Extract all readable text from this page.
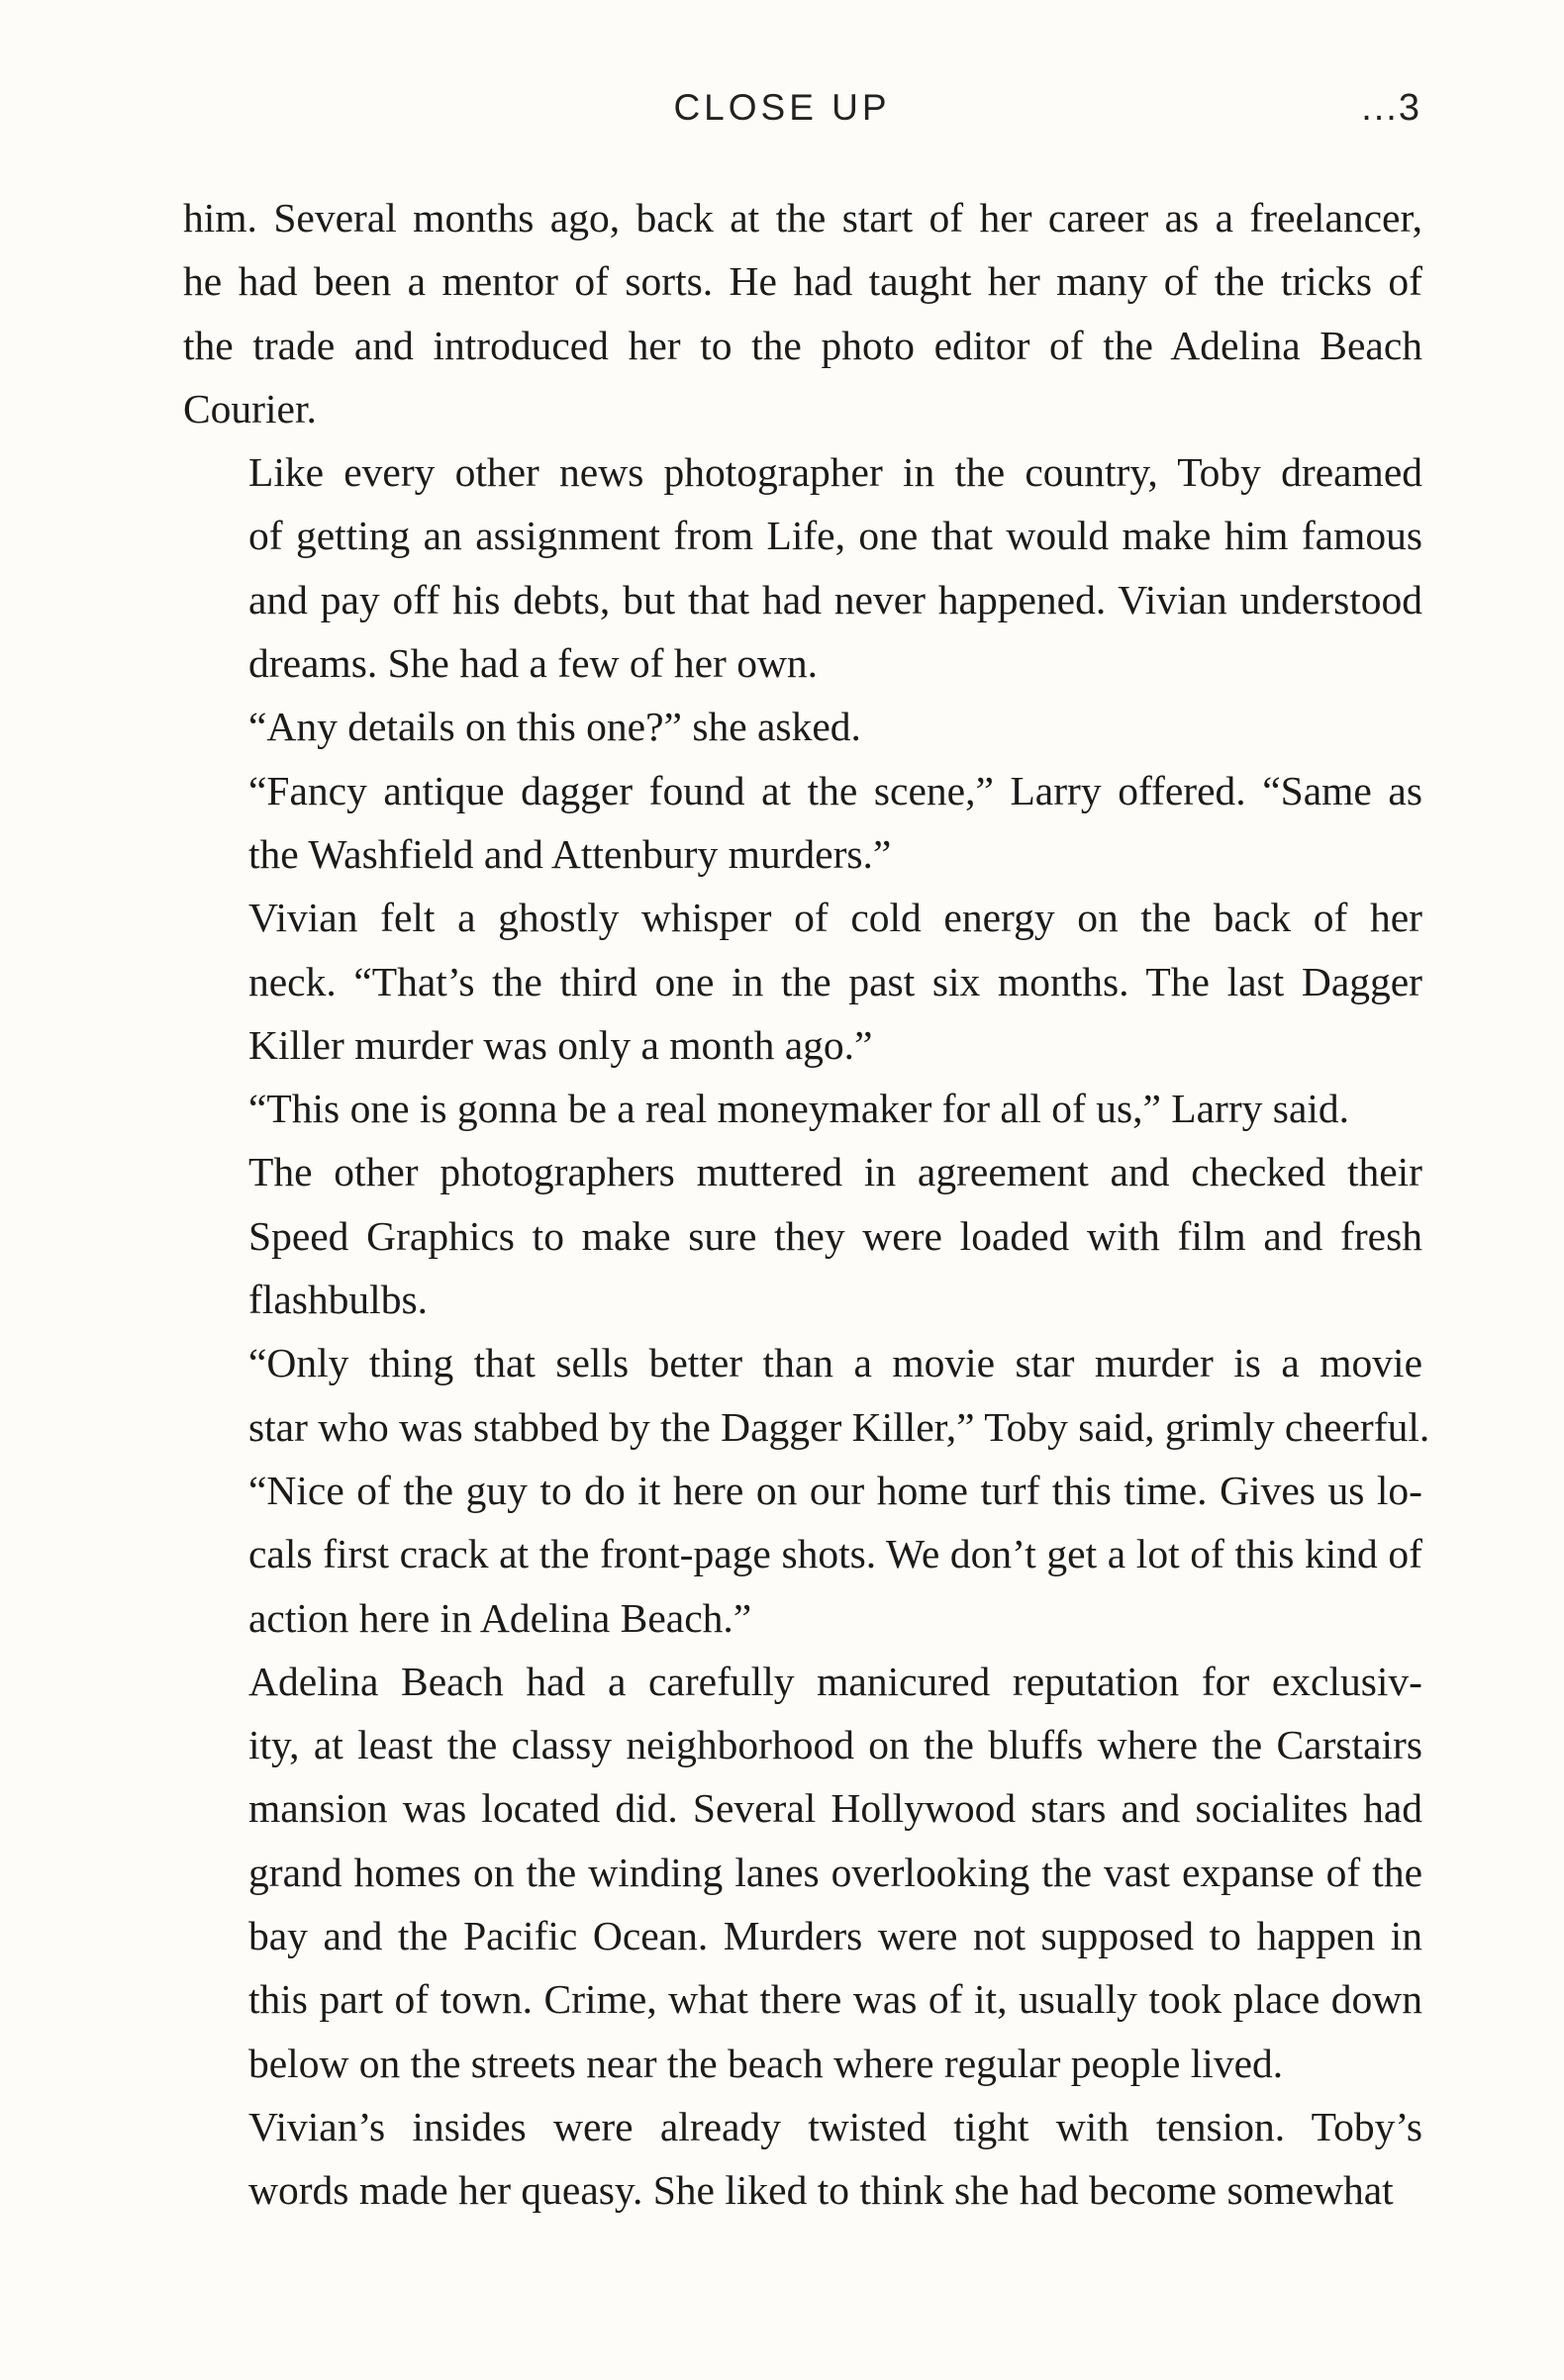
CLOSE UP	...3

him. Several months ago, back at the start of her career as a freelancer,
he had been a mentor of sorts. He had taught her many of the tricks of
the trade and introduced her to the photo editor of the Adelina Beach
Courier.

Like every other news photographer in the country, Toby dreamed
of getting an assignment from Life, one that would make him famous
and pay off his debts, but that had never happened. Vivian understood
dreams. She had a few of her own.

“Any details on this one?” she asked.

“Fancy antique dagger found at the scene,” Larry offered. “Same as
the Washfield and Attenbury murders.”

Vivian felt a ghostly whisper of cold energy on the back of her
neck. “That’s the third one in the past six months. The last Dagger
Killer murder was only a month ago.”

“This one is gonna be a real moneymaker for all of us,” Larry said.

The other photographers muttered in agreement and checked their
Speed Graphics to make sure they were loaded with film and fresh
flashbulbs.

“Only thing that sells better than a movie star murder is a movie
star who was stabbed by the Dagger Killer,” Toby said, grimly cheerful.
“Nice of the guy to do it here on our home turf this time. Gives us lo-
cals first crack at the front-page shots. We don’t get a lot of this kind of
action here in Adelina Beach.”

Adelina Beach had a carefully manicured reputation for exclusiv-
ity, at least the classy neighborhood on the bluffs where the Carstairs
mansion was located did. Several Hollywood stars and socialites had
grand homes on the winding lanes overlooking the vast expanse of the
bay and the Pacific Ocean. Murders were not supposed to happen in
this part of town. Crime, what there was of it, usually took place down
below on the streets near the beach where regular people lived.

Vivian’s insides were already twisted tight with tension. Toby’s
words made her queasy. She liked to think she had become somewhat
